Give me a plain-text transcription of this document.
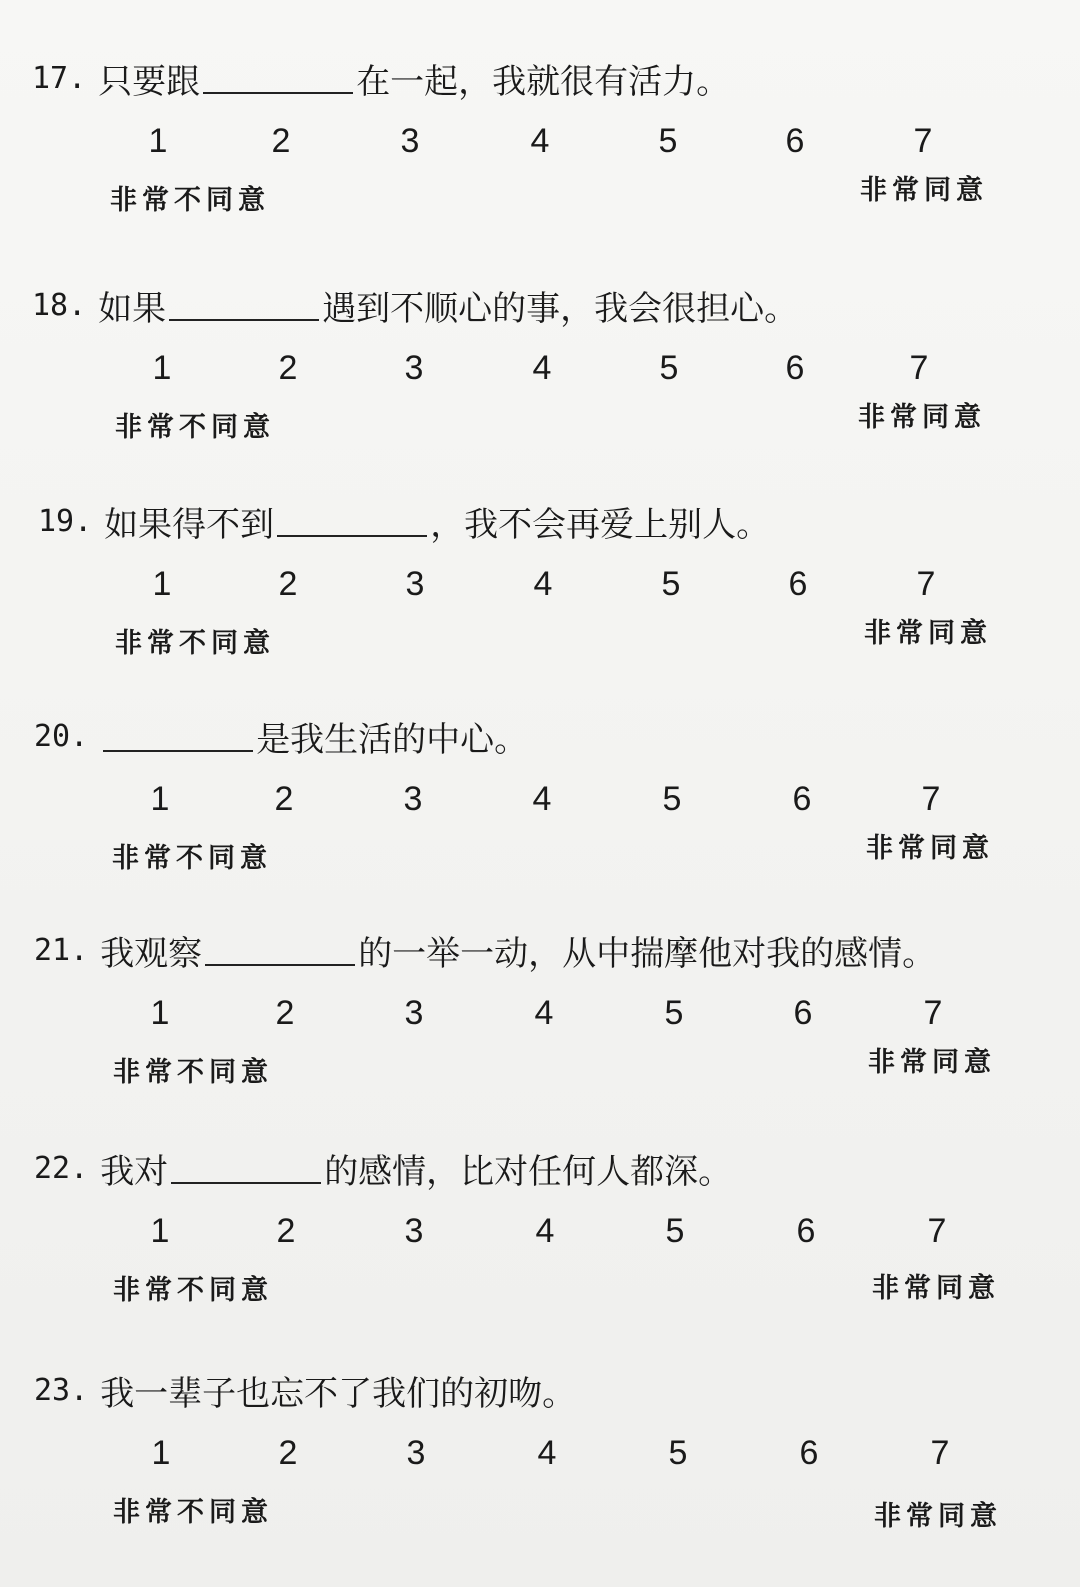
17. 只要跟	在一起，我就很有活力。
1	2	3	4	5	6	7
非常不同意	非常同意
18. 如果	遇到不顺心的事，我会很担心。
1	2	3	4	5	6	7
非常不同意	非常同意
19. 如果得不到	，我不会再爱上别人。
1	2	3	4	5	6	7
非常不同意	非常同意
20.	是我生活的中心。
1	2	3	4	5	6	7
非常不同意	非常同意
21. 我观察	的一举一动，从中揣摩他对我的感情。
1	2	3	4	5	6	7
非常不同意	非常同意
22. 我对	的感情，比对任何人都深。
1	2	3	4	5	6	7
非常不同意	非常同意
23. 我一辈子也忘不了我们的初吻。
1	2	3	4	5	6	7
非常不同意	非常同意
